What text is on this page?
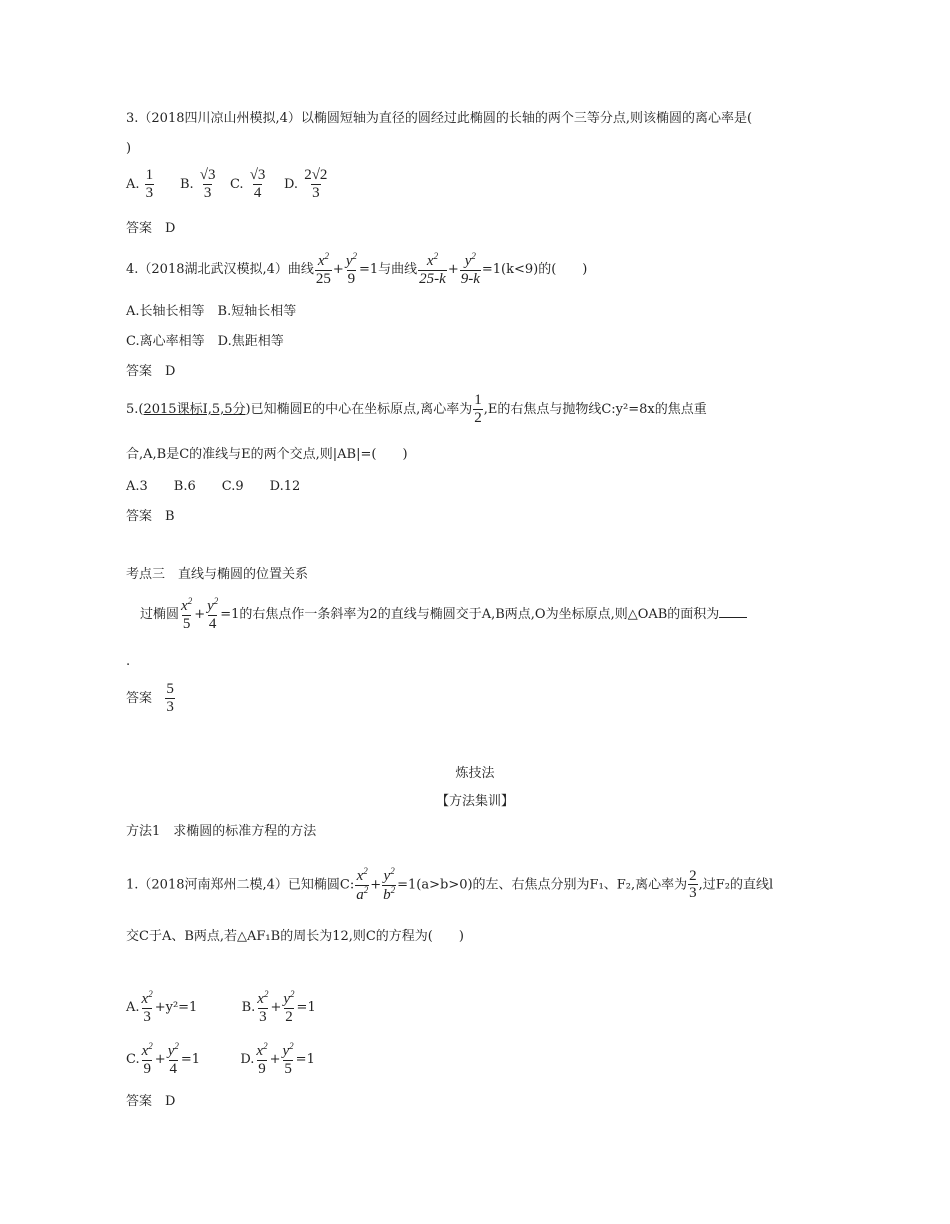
3.（2018四川凉山州模拟,4）以椭圆短轴为直径的圆经过此椭圆的长轴的两个三等分点,则该椭圆的离心率是(
)
A. $\frac{1}{3} B$. $\frac{√3}{3} C$. $\frac{√3}{4} D$. $\frac{2√2}{3}$
答案　 D
4.（2018湖北武汉模拟,4）曲线 $\frac{x^2}{25} + \frac{y^2}{9} =1$与曲线 $\frac{x^2}{25-k} + \frac{y^2}{9-k} =1(k<9)$的(　　)
A.长轴长相等　B.短轴长相等
C.离心率相等　D.焦距相等
答案　 D
5.(2015课标Ⅰ,5,5分)已知椭圆E的中心在坐标原点,离心率为 $\frac{1}{2} ,E$的右焦点与抛物线C:y²=8x的焦点重
合,A,B是C的准线与E的两个交点,则|AB|=(　　)
A.3　　B.6　　C.9　　D.12
答案　 B
考点三　直线与椭圆的位置关系
过椭圆 $\frac{x^2}{5} + \frac{y^2}{4} =1$的右焦点作一条斜率为2的直线与椭圆交于A,B两点,O为坐标原点,则△OAB的面积为
.
答案 $\frac{5}{3}$
炼技法
【方法集训】
方法1　求椭圆的标准方程的方法
1.（2018河南郑州二模,4）已知椭圆C: $\frac{x^2}{a^2} + \frac{y^2}{b^2} =1(a>b>0)$的左、右焦点分别为F₁、F₂,离心率为 $\frac{2}{3}$ ,过F₂的直线l
交C于A、B两点,若△AF₁B的周长为12,则C的方程为(　　)
A. $\frac{x^2}{3} +y^2=1$	B. $\frac{x^2}{3} + \frac{y^2}{2} =1$
C. $\frac{x^2}{9} + \frac{y^2}{4} =1$	D. $\frac{x^2}{9} + \frac{y^2}{5} =1$
答案　 D
